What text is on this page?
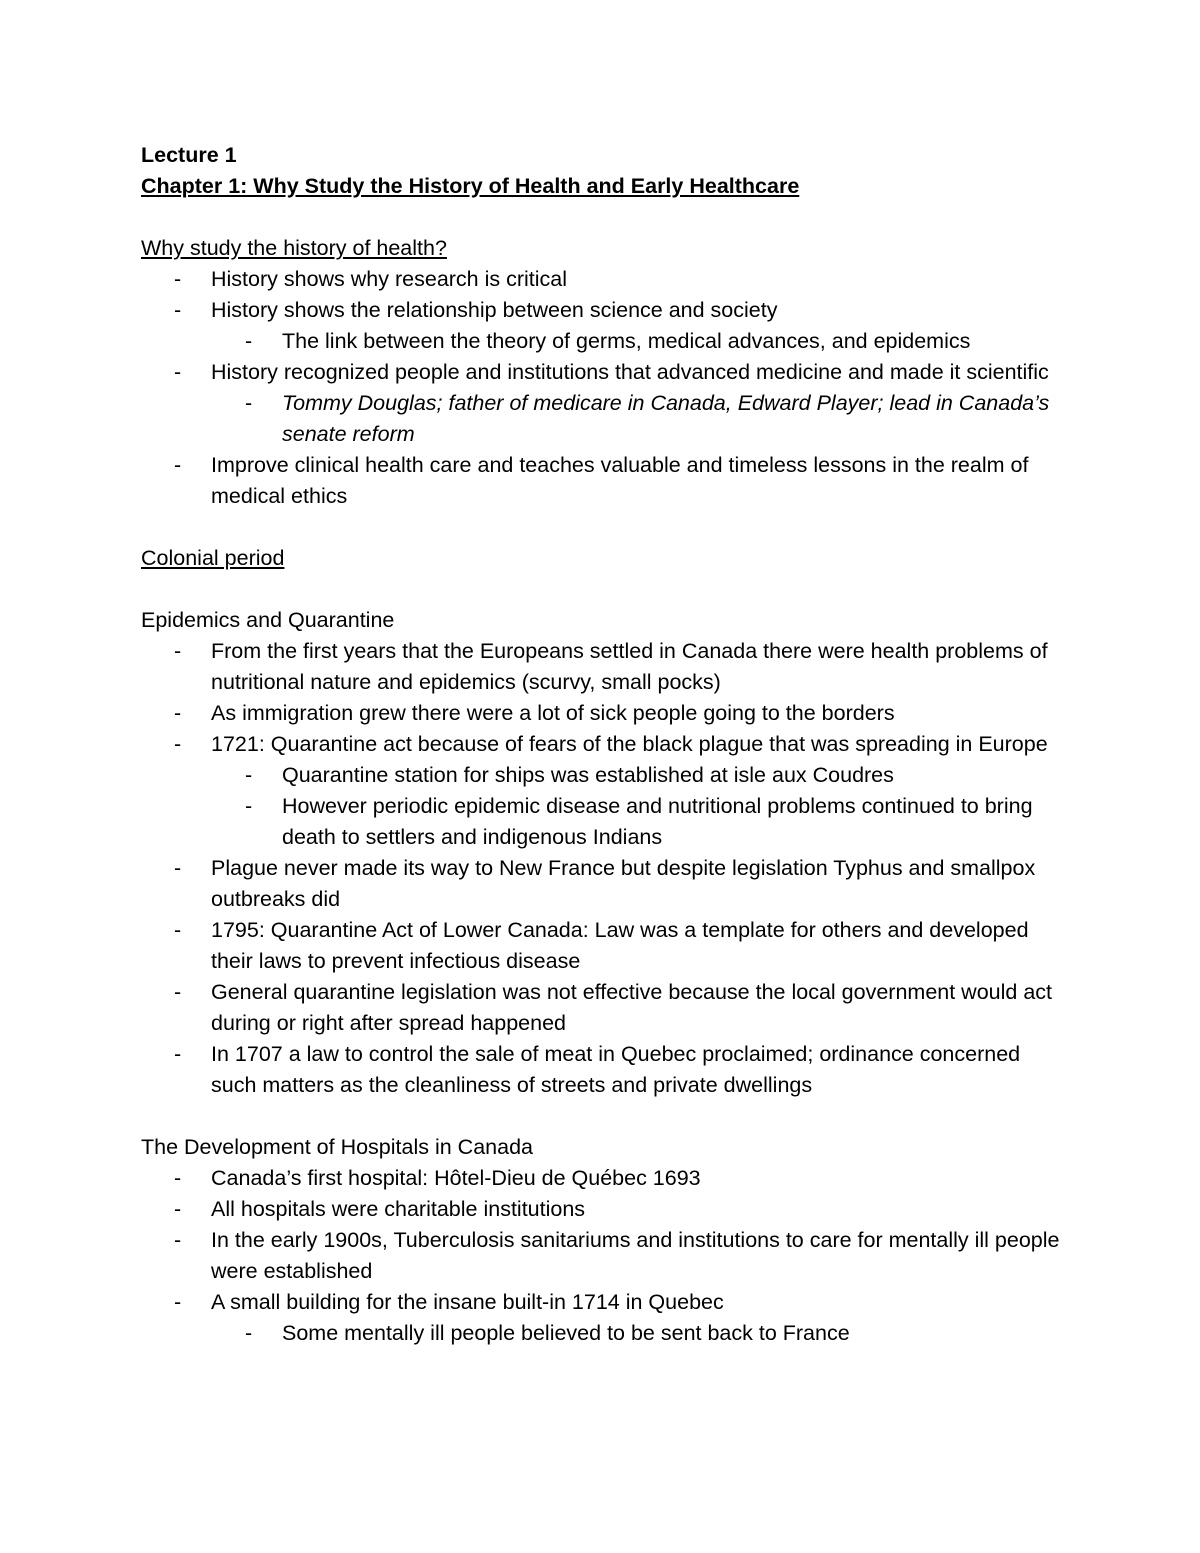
Lecture 1
Chapter 1: Why Study the History of Health and Early Healthcare
Why study the history of health?
- History shows why research is critical
- History shows the relationship between science and society
- The link between the theory of germs, medical advances, and epidemics
- History recognized people and institutions that advanced medicine and made it scientific
- Tommy Douglas; father of medicare in Canada, Edward Player; lead in Canada’s senate reform
- Improve clinical health care and teaches valuable and timeless lessons in the realm of medical ethics
Colonial period
Epidemics and Quarantine
- From the first years that the Europeans settled in Canada there were health problems of nutritional nature and epidemics (scurvy, small pocks)
- As immigration grew there were a lot of sick people going to the borders
- 1721: Quarantine act because of fears of the black plague that was spreading in Europe
- Quarantine station for ships was established at isle aux Coudres
- However periodic epidemic disease and nutritional problems continued to bring death to settlers and indigenous Indians
- Plague never made its way to New France but despite legislation Typhus and smallpox outbreaks did
- 1795: Quarantine Act of Lower Canada: Law was a template for others and developed their laws to prevent infectious disease
- General quarantine legislation was not effective because the local government would act during or right after spread happened
- In 1707 a law to control the sale of meat in Quebec proclaimed; ordinance concerned such matters as the cleanliness of streets and private dwellings
The Development of Hospitals in Canada
- Canada’s first hospital: Hôtel-Dieu de Québec 1693
- All hospitals were charitable institutions
- In the early 1900s, Tuberculosis sanitariums and institutions to care for mentally ill people were established
- A small building for the insane built-in 1714 in Quebec
- Some mentally ill people believed to be sent back to France
